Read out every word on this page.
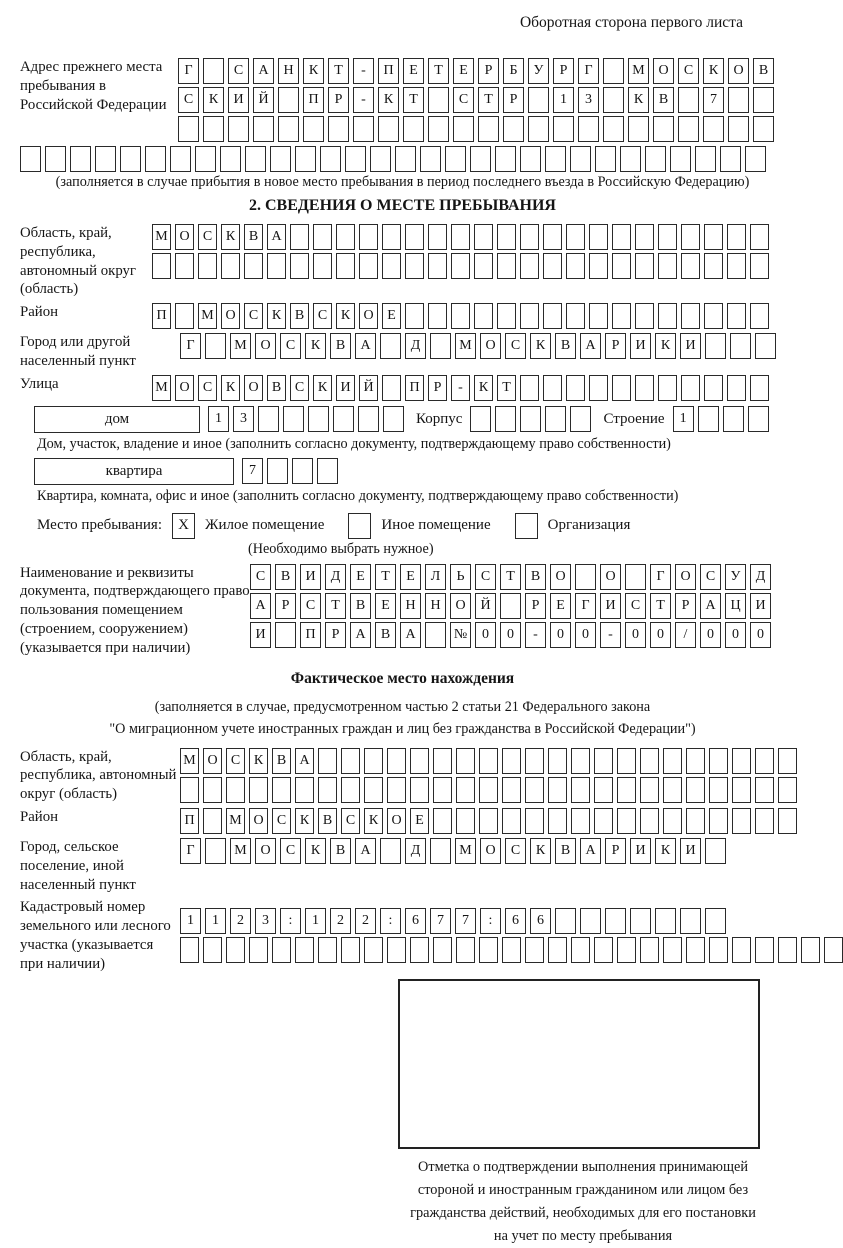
Оборотная сторона первого листа
Адрес прежнего места пребывания в Российской Федерации
Г	С	А	Н	К	Т	-	П	Е	Т	Е	Р	Б	У	Р	Г	М О	С	К	О	В
С	К	И	Й	П	Р	-	К	Т	С	Т	Р	1	3	К	В	7
(заполняется в случае прибытия в новое место пребывания в период последнего въезда в Российскую Федерацию)
2. СВЕДЕНИЯ О МЕСТЕ ПРЕБЫВАНИЯ
Область, край, республика, автономный округ (область)
М О С К В А
Район	П	М О С К В С К О Е
Город или другой населенный пункт
Г	М О	С	К	В	А	Д	М О	С	К	В	А	Р	И	К	И
Улица	М О С К О В С К И Й	П	Р	-	К	Т
дом	1	3	Корпус	Строение	1
Дом, участок, владение и иное (заполнить согласно документу, подтверждающему право собственности)
квартира	7
Квартира, комната, офис и иное (заполнить согласно документу, подтверждающему право собственности)
Место пребывания:	X	Жилое помещение	Иное помещение	Организация
(Необходимо выбрать нужное)
Наименование и реквизиты документа, подтверждающего право пользования помещением (строением, сооружением) (указывается при наличии)
С	В	И	Д	Е	Т	Е	Л	Ь	С	Т	В	О	О	Г	О	С	У	Д
А	Р	С	Т	В	Е	Н	Н	О	Й	Р	Е	Г	И	С	Т	Р	А	Ц	И
И	П	Р	А	В	А	№	0	0	-	0	0	-	0	0	/	0	0	0
Фактическое место нахождения
(заполняется в случае, предусмотренном частью 2 статьи 21 Федерального закона
"О миграционном учете иностранных граждан и лиц без гражданства в Российской Федерации")
Область, край, республика, автономный округ (область)
М О С К В А
Район	П	М О С К В С К О Е
Город, сельское поселение, иной населенный пункт
Г	М О	С	К	В	А	Д	М О	С	К	В	А	Р	И	К	И
Кадастровый номер земельного или лесного участка (указывается при наличии)
1	1	2	3	:	1	2	2	:	6	7	7	:	6	6
Отметка о подтверждении выполнения принимающей
стороной и иностранным гражданином или лицом без
гражданства действий, необходимых для его постановки
на учет по месту пребывания
